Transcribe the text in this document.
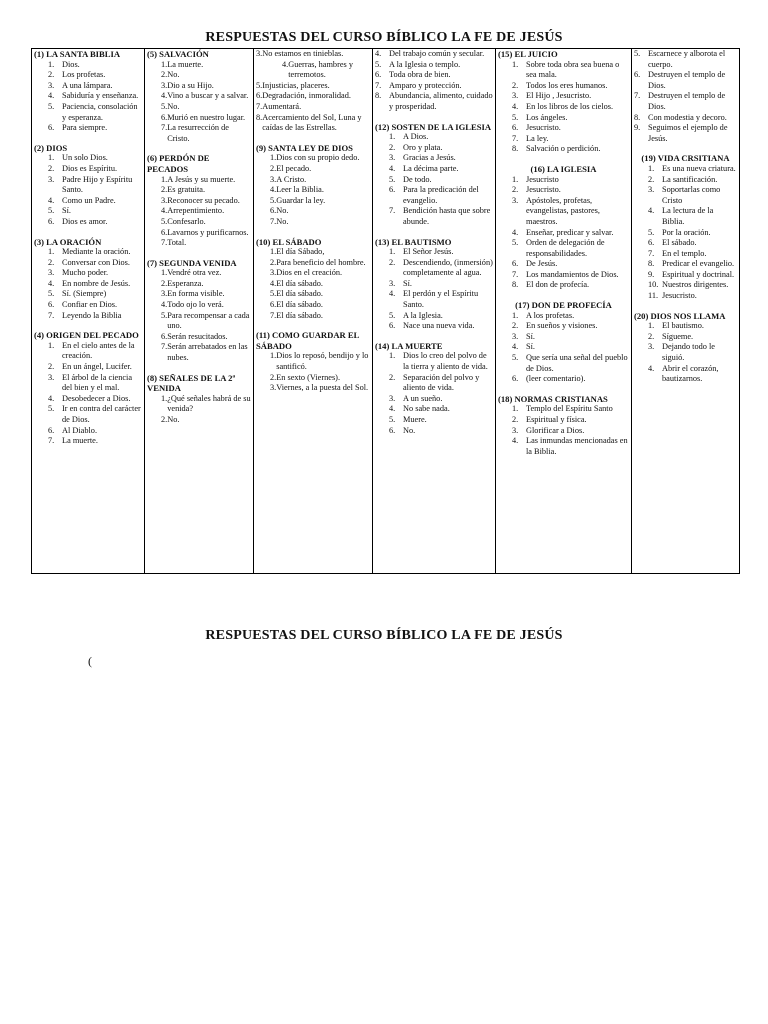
RESPUESTAS DEL CURSO BÍBLICO LA FE DE JESÚS
(1) LA SANTA BIBLIA
1. Dios.
2. Los profetas.
3. A una lámpara.
4. Sabiduría y enseñanza.
5. Paciencia, consolación y esperanza.
6. Para siempre.
(2) DIOS
1. Un solo Dios.
2. Dios es Espíritu.
3. Padre Hijo y Espíritu Santo.
4. Como un Padre.
5. Sí.
6. Dios es amor.
(3) LA ORACIÓN
1. Mediante la oración.
2. Conversar con Dios.
3. Mucho poder.
4. En nombre de Jesús.
5. Sí. (Siempre)
6. Confiar en Dios.
7. Leyendo la Biblia
(4) ORIGEN DEL PECADO
1. En el cielo antes de la creación.
2. En un ángel, Lucifer.
3. El árbol de la ciencia del bien y el mal.
4. Desobedecer a Dios.
5. Ir en contra del carácter de Dios.
6. Al Diablo.
7. La muerte.
(5) SALVACIÓN
1. La muerte.
2. No.
3. Dio a su Hijo.
4. Vino a buscar y a salvar.
5. No.
6. Murió en nuestro lugar.
7. La resurrección de Cristo.
(6) PERDÓN DE PECADOS
1. A Jesús y su muerte.
2. Es gratuita.
3. Reconocer su pecado.
4. Arrepentimiento.
5. Confesarlo.
6. Lavarnos y purificarnos.
7. Total.
(7) SEGUNDA VENIDA
1. Vendré otra vez.
2. Esperanza.
3. En forma visible.
4. Todo ojo lo verá.
5. Para recompensar a cada uno.
6. Serán resucitados.
7. Serán arrebatados en las nubes.
(8) SEÑALES DE LA 2ª VENIDA
1. ¿Qué señales habrá de su venida?
2. No.
3. No estamos en tinieblas.
4. Guerras, hambres y terremotos.
5. Injusticias, placeres.
6. Degradación, inmoralidad.
7. Aumentará.
8. Acercamiento del Sol, Luna y caídas de las Estrellas.
(9) SANTA LEY DE DIOS
1. Dios con su propio dedo.
2. El pecado.
3. A Cristo.
4. Leer la Biblia.
5. Guardar la ley.
6. No.
7. No.
(10) EL SÁBADO
1. El día Sábado,
2. Para beneficio del hombre.
3. Dios en el creación.
4. El día sábado.
5. El día sábado.
6. El día sábado.
7. El día sábado.
(11) COMO GUARDAR EL SÁBADO
1. Dios lo reposó, bendijo y lo santificó.
2. En sexto (Viernes).
3. Viernes, a la puesta del Sol.
4. Del trabajo común y secular.
5. A la Iglesia o templo.
6. Toda obra de bien.
7. Amparo y protección.
8. Abundancia, alimento, cuidado y prosperidad.
(12) SOSTEN DE LA IGLESIA
1. A Dios.
2. Oro y plata.
3. Gracias a Jesús.
4. La décima parte.
5. De todo.
6. Para la predicación del evangelio.
7. Bendición hasta que sobre abunde.
(13) EL BAUTISMO
1. El Señor Jesús.
2. Descendiendo, (inmersión) completamente al agua.
3. Sí.
4. El perdón y el Espíritu Santo.
5. A la Iglesia.
6. Nace una nueva vida.
(14) LA MUERTE
1. Dios lo creo del polvo de la tierra y aliento de vida.
2. Separación del polvo y aliento de vida.
3. A un sueño.
4. No sabe nada.
5. Muere.
6. No.
(15) EL JUICIO
1. Sobre toda obra sea buena o sea mala.
2. Todos los eres humanos.
3. El Hijo , Jesucristo.
4. En los libros de los cielos.
5. Los ángeles.
6. Jesucristo.
7. La ley.
8. Salvación o perdición.
(16) LA IGLESIA
1. Jesucristo
2. Jesucristo.
3. Apóstoles, profetas, evangelistas, pastores, maestros.
4. Enseñar, predicar y salvar.
5. Orden de delegación de responsabilidades.
6. De Jesús.
7. Los mandamientos de Dios.
8. El don de profecía.
(17) DON DE PROFECÍA
1. A los profetas.
2. En sueños y visiones.
3. Sí.
4. Sí.
5. Que sería una señal del pueblo de Dios.
6. (leer comentario).
(18) NORMAS CRISTIANAS
1. Templo del Espíritu Santo
2. Espiritual y física.
3. Glorificar a Dios.
4. Las inmundas mencionadas en la Biblia.
5. Escarnece y alborota el cuerpo.
6. Destruyen el templo de Dios.
7. Destruyen el templo de Dios.
8. Con modestia y decoro.
9. Seguimos el ejemplo de Jesús.
(19) VIDA CRSITIANA
1. Es una nueva criatura.
2. La santificación.
3. Soportarlas como Cristo
4. La lectura de la Biblia.
5. Por la oración.
6. El sábado.
7. En el templo.
8. Predicar el evangelio.
9. Espiritual y doctrinal.
10. Nuestros dirigentes.
11. Jesucristo.
(20) DIOS NOS LLAMA
1. El bautismo.
2. Sígueme.
3. Dejando todo le siguió.
4. Abrir el corazón, bautizarnos.
RESPUESTAS DEL CURSO BÍBLICO LA FE DE JESÚS
(
